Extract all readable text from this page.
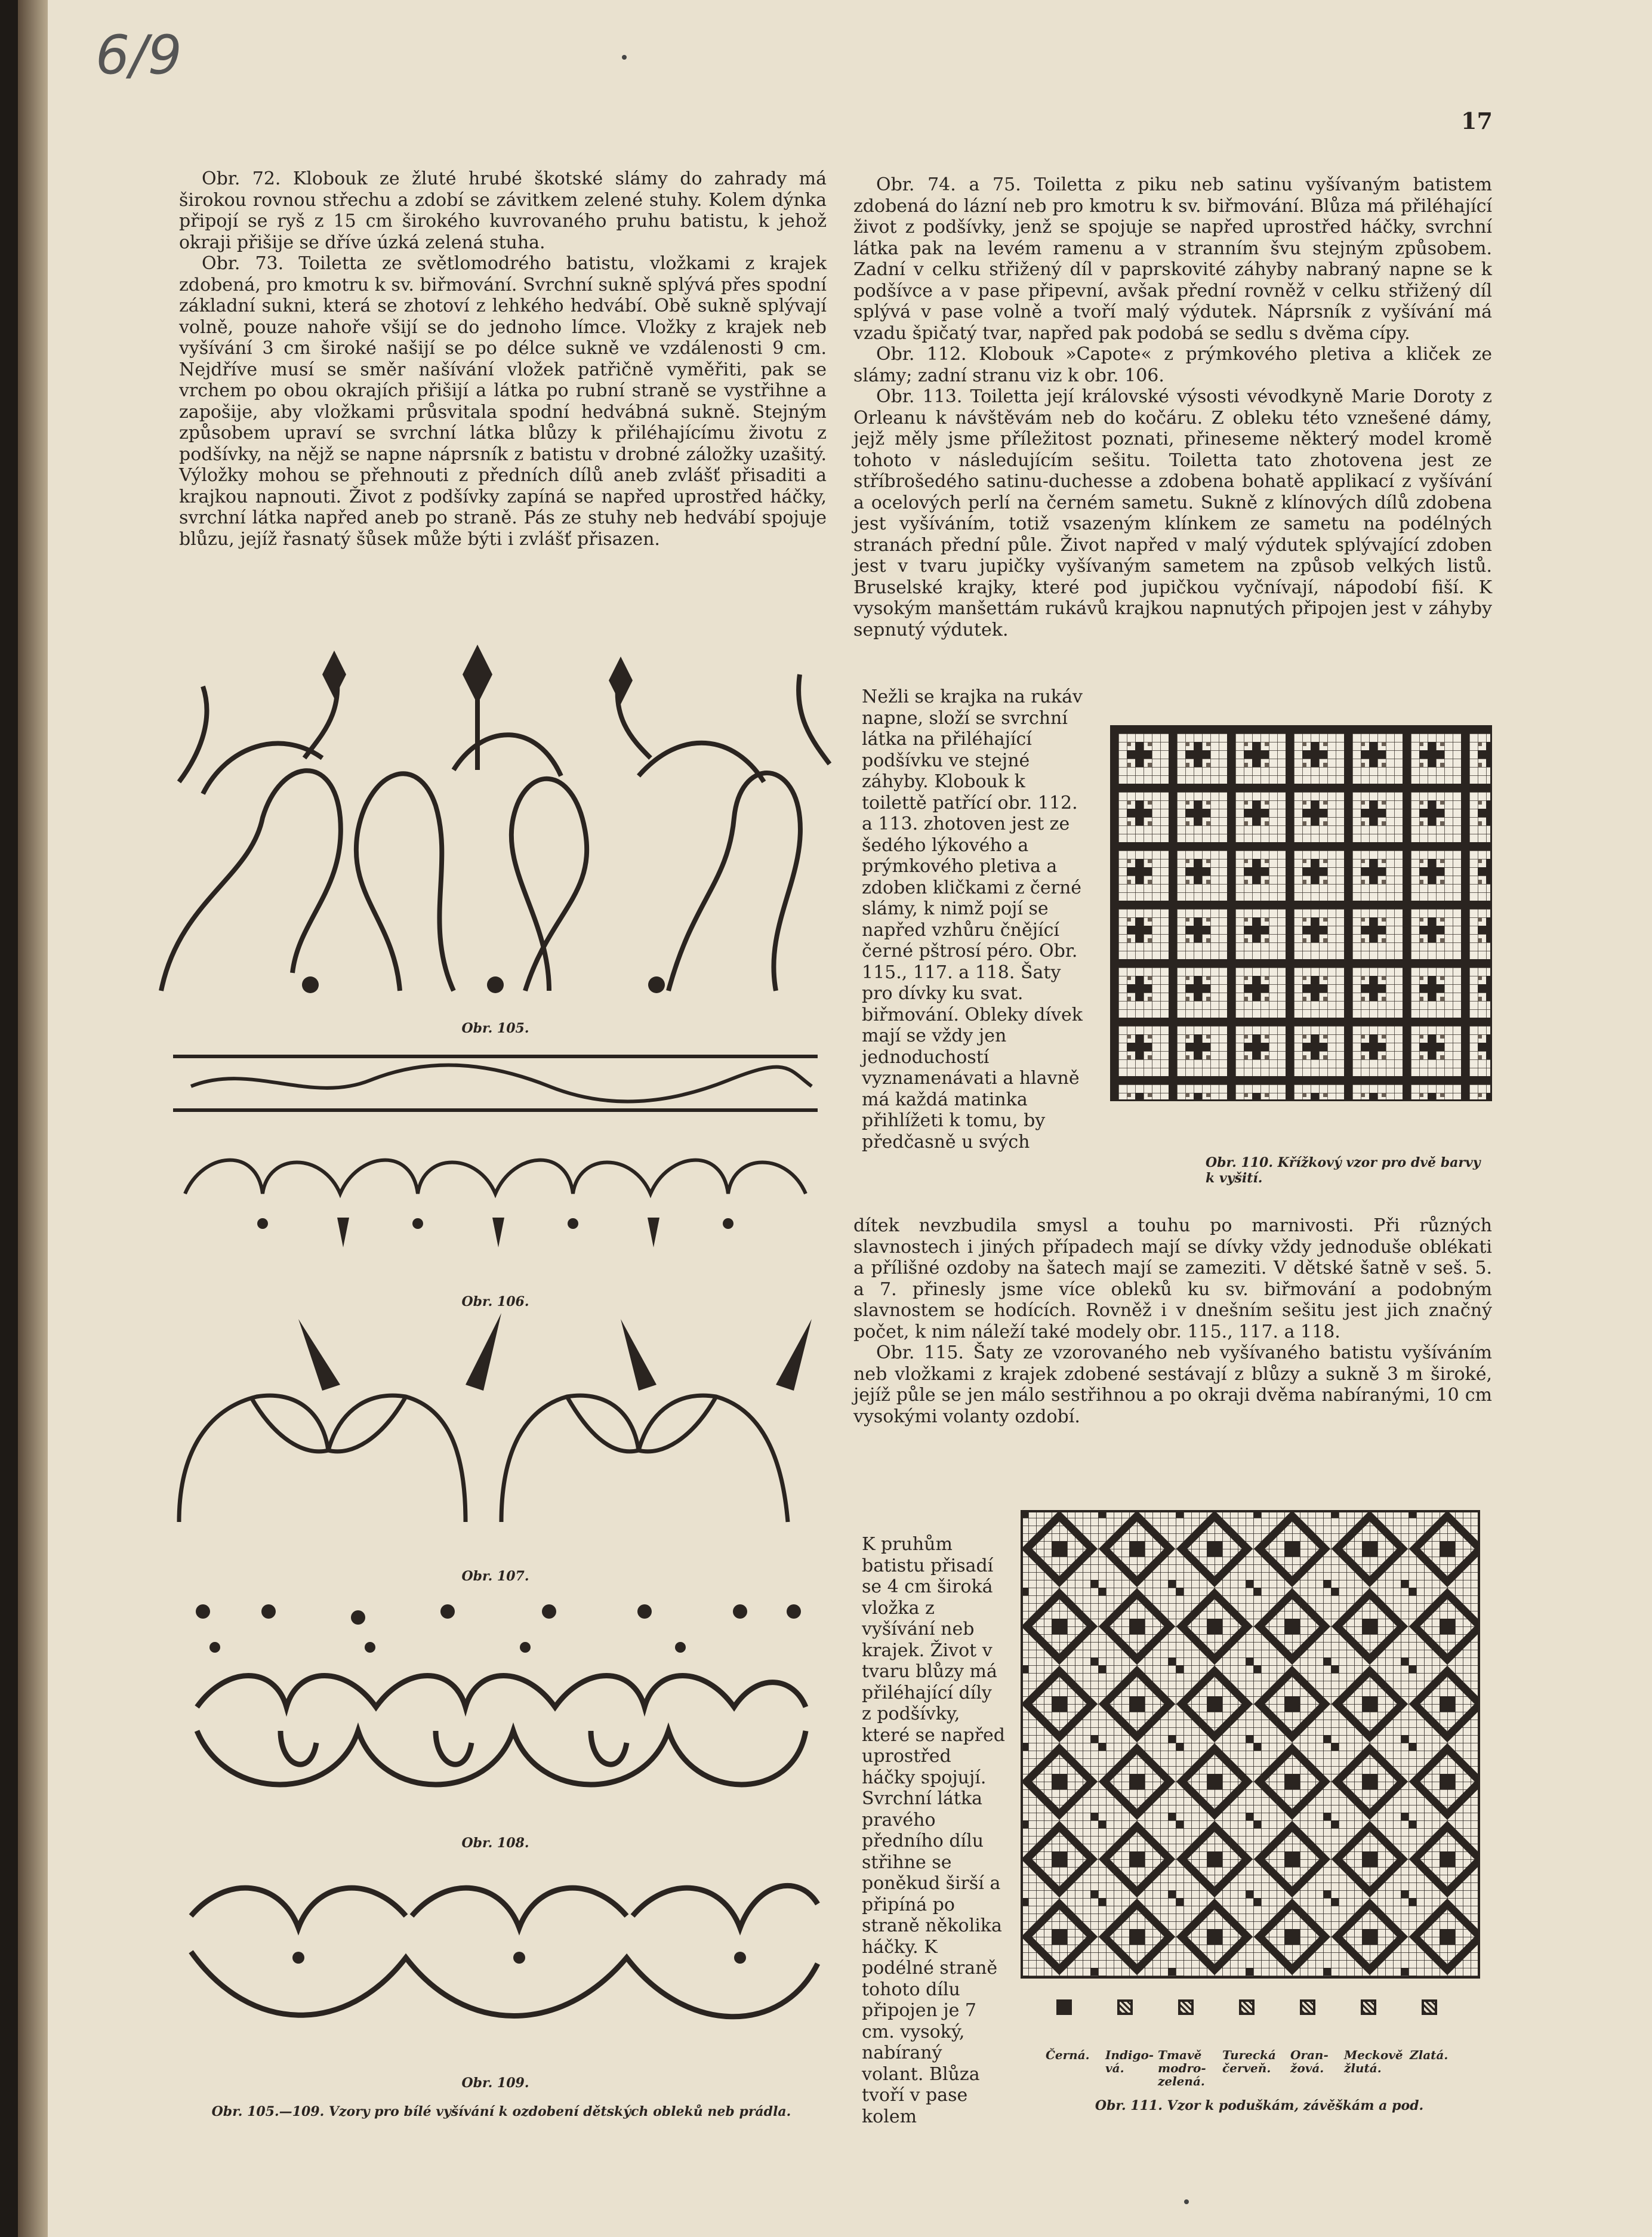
6/9
17

Obr. 72. Klobouk ze žluté hrubé škotské slámy do zahrady má širokou rovnou střechu a zdobí se závitkem zelené stuhy. Kolem dýnka připojí se ryš z 15 cm širokého kuvrovaného pruhu batistu, k jehož okraji přišije se dříve úzká zelená stuha.

Obr. 73. Toiletta ze světlomodrého batistu, vložkami z krajek zdobená, pro kmotru k sv. biřmování. Svrchní sukně splývá přes spodní základní sukni, která se zhotoví z lehkého hedvábí. Obě sukně splývají volně, pouze nahoře všijí se do jednoho límce. Vložky z krajek neb vyšívání 3 cm široké našijí se po délce sukně ve vzdálenosti 9 cm. Nejdříve musí se směr našívání vložek patřičně vyměřiti, pak se vrchem po obou okrajích přišijí a látka po rubní straně se vystřihne a zapošije, aby vložkami průsvitala spodní hedvábná sukně. Stejným způsobem upraví se svrchní látka blůzy k přiléhajícímu životu z podšívky, na nějž se napne náprsník z batistu v drobné záložky uzašitý. Výložky mohou se přehnouti z předních dílů aneb zvlášť přisaditi a krajkou napnouti. Život z podšívky zapíná se napřed uprostřed háčky, svrchní látka napřed aneb po straně. Pás ze stuhy neb hedvábí spojuje blůzu, jejíž řasnatý šůsek může býti i zvlášť přisazen.

Obr. 74. a 75. Toiletta z piku neb satinu vyšívaným batistem zdobená do lázní neb pro kmotru k sv. biřmování. Blůza má přiléhající život z podšívky, jenž se spojuje se napřed uprostřed háčky, svrchní látka pak na levém ramenu a v stranním švu stejným způsobem. Zadní v celku střižený díl v paprskovité záhyby nabraný napne se k podšívce a v pase připevní, avšak přední rovněž v celku střižený díl splývá v pase volně a tvoří malý výdutek. Náprsník z vyšívání má vzadu špičatý tvar, napřed pak podobá se sedlu s dvěma cípy.

Obr. 112. Klobouk »Capote« z prýmkového pletiva a kliček ze slámy; zadní stranu viz k obr. 106.

Obr. 113. Toiletta její královské výsosti vévodkyně Marie Doroty z Orleanu k návštěvám neb do kočáru. Z obleku této vznešené dámy, jejž měly jsme příležitost poznati, přineseme některý model kromě tohoto v následujícím sešitu. Toiletta tato zhotovena jest ze stříbrošedého satinu-duchesse a zdobena bohatě applikací z vyšívání a ocelových perlí na černém sametu. Sukně z klínových dílů zdobena jest vyšíváním, totiž vsazeným klínkem ze sametu na podélných stranách přední půle. Život napřed v malý výdutek splývající zdoben jest v tvaru jupičky vyšívaným sametem na způsob velkých listů. Bruselské krajky, které pod jupičkou vyčnívají, nápodobí fiší. K vysokým manšettám rukávů krajkou napnutých připojen jest v záhyby sepnutý výdutek.

Nežli se krajka na rukáv napne, složí se svrchní látka na přiléhající podšívku ve stejné záhyby. Klobouk k toilettě patřící obr. 112. a 113. zhotoven jest ze šedého lýkového a prýmkového pletiva a zdoben kličkami z černé slámy, k nimž pojí se napřed vzhůru čnějící černé pštrosí péro. Obr. 115., 117. a 118. Šaty pro dívky ku svat. biřmování. Obleky dívek mají se vždy jen jednoduchostí vyznamenávati a hlavně má každá matinka přihlížeti k tomu, by předčasně u svých

Obr. 110. Křížkový vzor pro dvě barvy k vyšití.

dítek nevzbudila smysl a touhu po marnivosti. Při různých slavnostech i jiných případech mají se dívky vždy jednoduše oblékati a přílišné ozdoby na šatech mají se zameziti. V dětské šatně v seš. 5. a 7. přinesly jsme více obleků ku sv. biřmování a podobným slavnostem se hodících. Rovněž i v dnešním sešitu jest jich značný počet, k nim náleží také modely obr. 115., 117. a 118.

Obr. 115. Šaty ze vzorovaného neb vyšívaného batistu vyšíváním neb vložkami z krajek zdobené sestávají z blůzy a sukně 3 m široké, jejíž půle se jen málo sestřihnou a po okraji dvěma nabíranými, 10 cm vysokými volanty ozdobí.

K pruhům batistu přisadí se 4 cm široká vložka z vyšívání neb krajek. Život v tvaru blůzy má přiléhající díly z podšívky, které se napřed uprostřed háčky spojují. Svrchní látka pravého předního dílu střihne se poněkud širší a připíná po straně několika háčky. K podélné straně tohoto dílu připojen je 7 cm. vysoký, nabíraný volant. Blůza tvoří v pase kolem

Černá. Indigo-vá.
Tmavě modro-zelená.
Turecká červeň.
Oran-žová.
Meckově žlutá.
Zlatá.
Obr. 111. Vzor k poduškám, závěškám a pod.
Obr. 105.
Obr. 106.
Obr. 107.
Obr. 108.
Obr. 109.
Obr. 105.—109. Vzory pro bílé vyšívání k ozdobení dětských obleků neb prádla.
